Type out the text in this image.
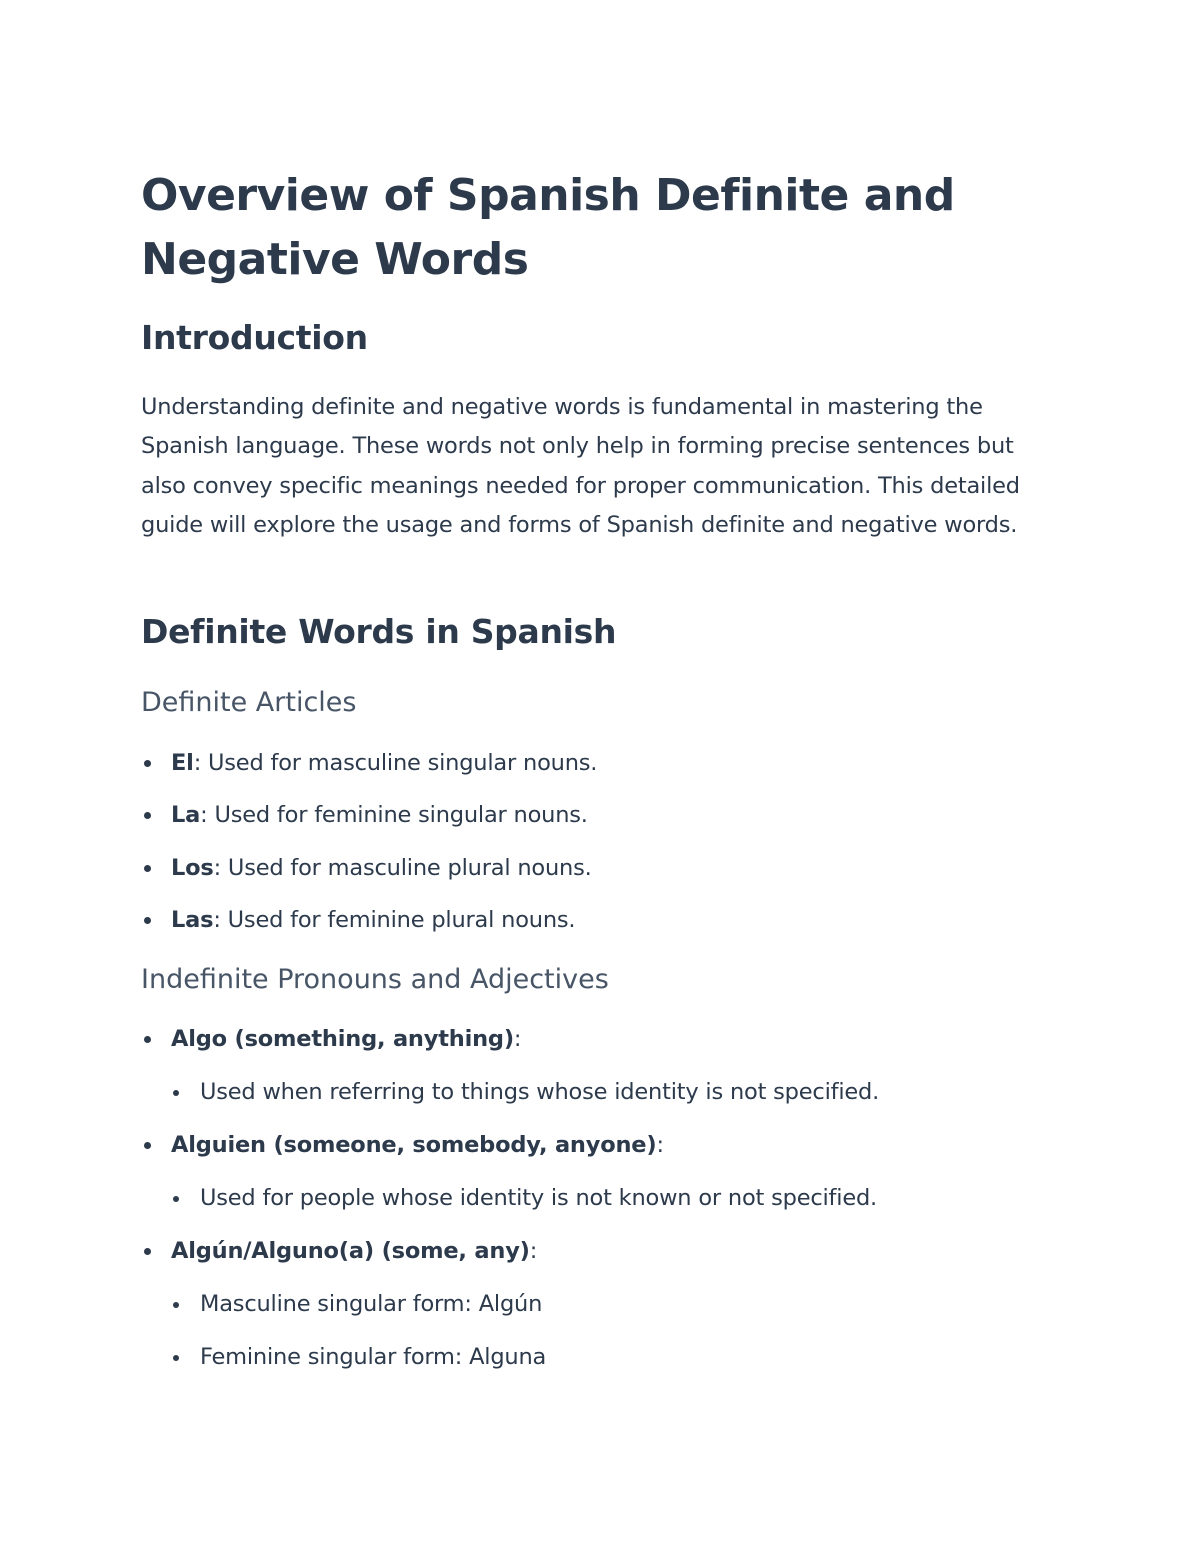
Overview of Spanish Definite and Negative Words
Introduction

Understanding definite and negative words is fundamental in mastering the Spanish language. These words not only help in forming precise sentences but also convey specific meanings needed for proper communication. This detailed guide will explore the usage and forms of Spanish definite and negative words.

Definite Words in Spanish
Definite Articles
El: Used for masculine singular nouns.
La: Used for feminine singular nouns.
Los: Used for masculine plural nouns.
Las: Used for feminine plural nouns.
Indefinite Pronouns and Adjectives
Algo (something, anything):
Used when referring to things whose identity is not specified.
Alguien (someone, somebody, anyone):
Used for people whose identity is not known or not specified.
Algún/Alguno(a) (some, any):
Masculine singular form: Algún
Feminine singular form: Alguna
